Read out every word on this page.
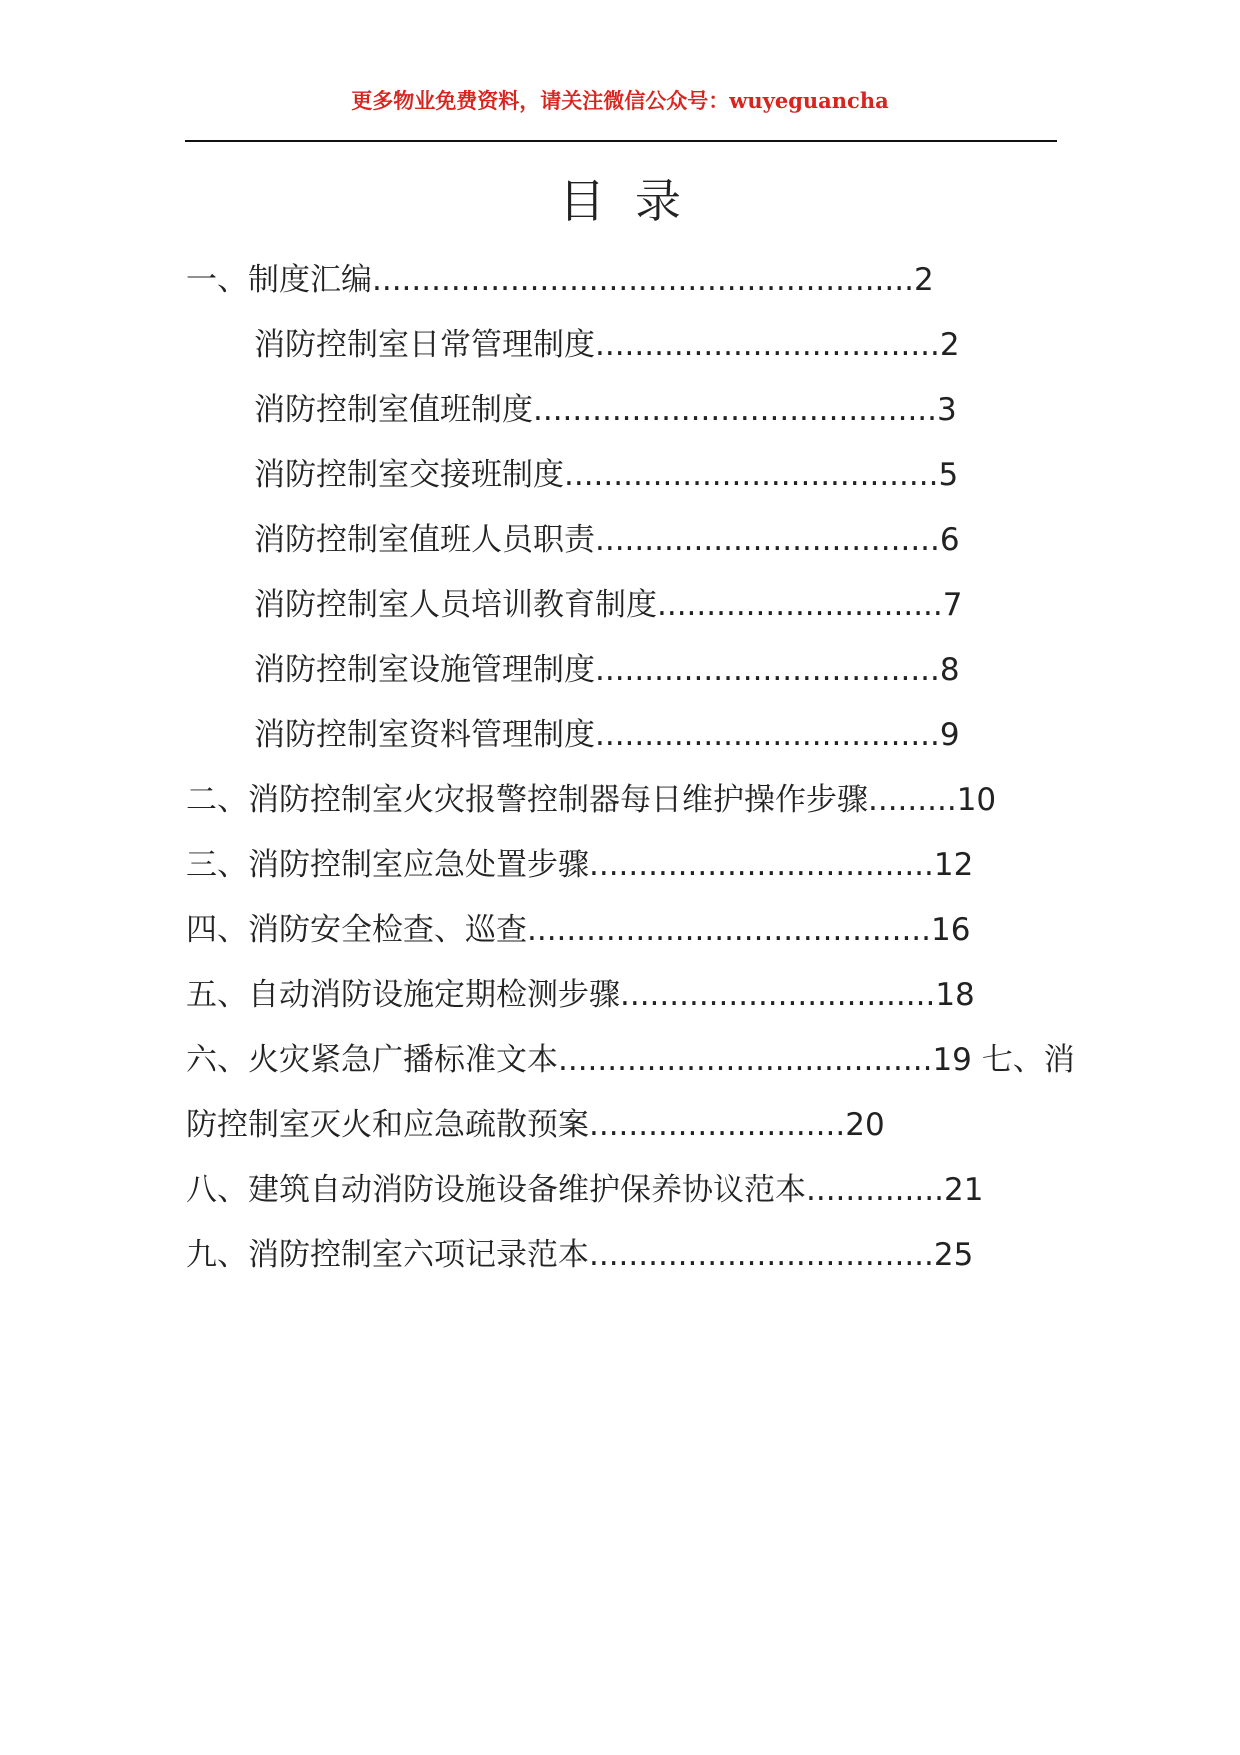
更多物业免费资料，请关注微信公众号：wuyeguancha
目录
一、制度汇编.......................................................2
消防控制室日常管理制度...................................2
消防控制室值班制度.........................................3
消防控制室交接班制度......................................5
消防控制室值班人员职责...................................6
消防控制室人员培训教育制度.............................7
消防控制室设施管理制度...................................8
消防控制室资料管理制度...................................9
二、消防控制室火灾报警控制器每日维护操作步骤.........10
三、消防控制室应急处置步骤...................................12
四、消防安全检查、巡查.........................................16
五、自动消防设施定期检测步骤................................18
六、火灾紧急广播标准文本......................................19 七、消
防控制室灭火和应急疏散预案..........................20
八、建筑自动消防设施设备维护保养协议范本..............21
九、消防控制室六项记录范本...................................25
